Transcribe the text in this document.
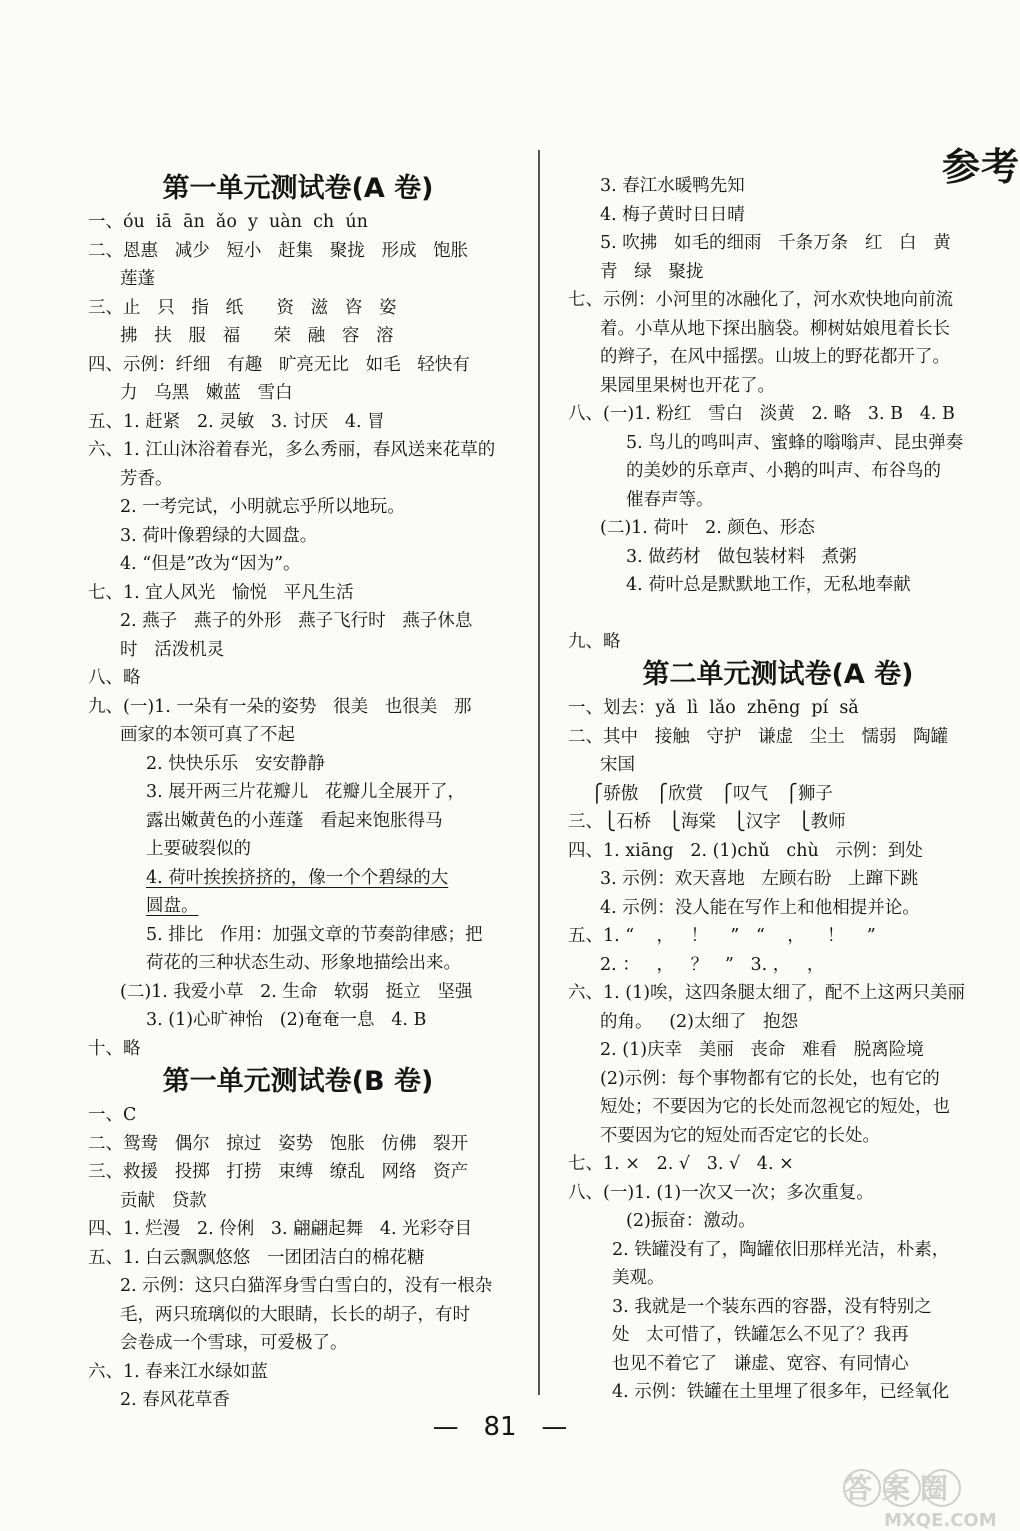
参考
第一单元测试卷(A 卷)
一、óu  iā  ān  ǎo  y  uàn  ch  ún
二、恩惠   减少   短小   赶集   聚拢   形成   饱胀
莲蓬
三、止   只   指   纸      资   滋   咨   姿
拂   扶   服   福      荣   融   容   溶
四、示例：纤细   有趣   旷亮无比   如毛   轻快有
力   乌黑   嫩蓝   雪白
五、1. 赶紧   2. 灵敏   3. 讨厌   4. 冒
六、1. 江山沐浴着春光，多么秀丽，春风送来花草的
芳香。
2. 一考完试，小明就忘乎所以地玩。
3. 荷叶像碧绿的大圆盘。
4. “但是”改为“因为”。
七、1. 宜人风光   愉悦   平凡生活
2. 燕子   燕子的外形   燕子飞行时   燕子休息
时   活泼机灵
八、略
九、(一)1. 一朵有一朵的姿势   很美   也很美   那
画家的本领可真了不起
2. 快快乐乐   安安静静
3. 展开两三片花瓣儿   花瓣儿全展开了，
露出嫩黄色的小莲蓬   看起来饱胀得马
上要破裂似的
4. 荷叶挨挨挤挤的，像一个个碧绿的大
圆盘。
5. 排比   作用：加强文章的节奏韵律感；把
荷花的三种状态生动、形象地描绘出来。
(二)1. 我爱小草   2. 生命   软弱   挺立   坚强
3. (1)心旷神怡   (2)奄奄一息   4. B
十、略
第一单元测试卷(B 卷)
一、C
二、鸳鸯   偶尔   掠过   姿势   饱胀   仿佛   裂开
三、救援   投掷   打捞   束缚   缭乱   网络   资产
贡献   贷款
四、1. 烂漫   2. 伶俐   3. 翩翩起舞   4. 光彩夺目
五、1. 白云飘飘悠悠   一团团洁白的棉花糖
2. 示例：这只白猫浑身雪白雪白的，没有一根杂
毛，两只琉璃似的大眼睛，长长的胡子，有时
会卷成一个雪球，可爱极了。
六、1. 春来江水绿如蓝
2. 春风花草香
3. 春江水暖鸭先知
4. 梅子黄时日日晴
5. 吹拂   如毛的细雨   千条万条   红   白   黄
青   绿   聚拢
七、示例：小河里的冰融化了，河水欢快地向前流
着。小草从地下探出脑袋。柳树姑娘甩着长长
的辫子，在风中摇摆。山坡上的野花都开了。
果园里果树也开花了。
八、(一)1. 粉红   雪白   淡黄   2. 略   3. B   4. B
5. 鸟儿的鸣叫声、蜜蜂的嗡嗡声、昆虫弹奏
的美妙的乐章声、小鹅的叫声、布谷鸟的
催春声等。
(二)1. 荷叶   2. 颜色、形态
3. 做药材   做包装材料   煮粥
4. 荷叶总是默默地工作，无私地奉献
九、略
第二单元测试卷(A 卷)
一、划去：yǎ  lì  lǎo  zhēng  pí  sǎ
二、其中   接触   守护   谦虚   尘土   懦弱   陶罐
宋国
⎧骄傲   ⎧欣赏   ⎧叹气   ⎧狮子
三、⎩石桥   ⎩海棠   ⎩汉字   ⎩教师
四、1. xiāng   2. (1)chǔ   chù   示例：到处
3. 示例：欢天喜地   左顾右盼   上蹿下跳
4. 示例：没人能在写作上和他相提并论。
五、1. “    ，   ！    ”   “    ，    ！    ”
2. ：   ，   ？   ”   3. ，   ，
六、1. (1)唉，这四条腿太细了，配不上这两只美丽
的角。   (2)太细了   抱怨
2. (1)庆幸   美丽   丧命   难看   脱离险境
(2)示例：每个事物都有它的长处，也有它的
短处；不要因为它的长处而忽视它的短处，也
不要因为它的短处而否定它的长处。
七、1. ×   2. √   3. √   4. ×
八、(一)1. (1)一次又一次；多次重复。
(2)振奋：激动。
2. 铁罐没有了，陶罐依旧那样光洁，朴素，
美观。
3. 我就是一个装东西的容器，没有特别之
处   太可惜了，铁罐怎么不见了？我再
也见不着它了   谦虚、宽容、有同情心
4. 示例：铁罐在土里埋了很多年，已经氧化
—   81   —
答案圈
MXQE.COM
